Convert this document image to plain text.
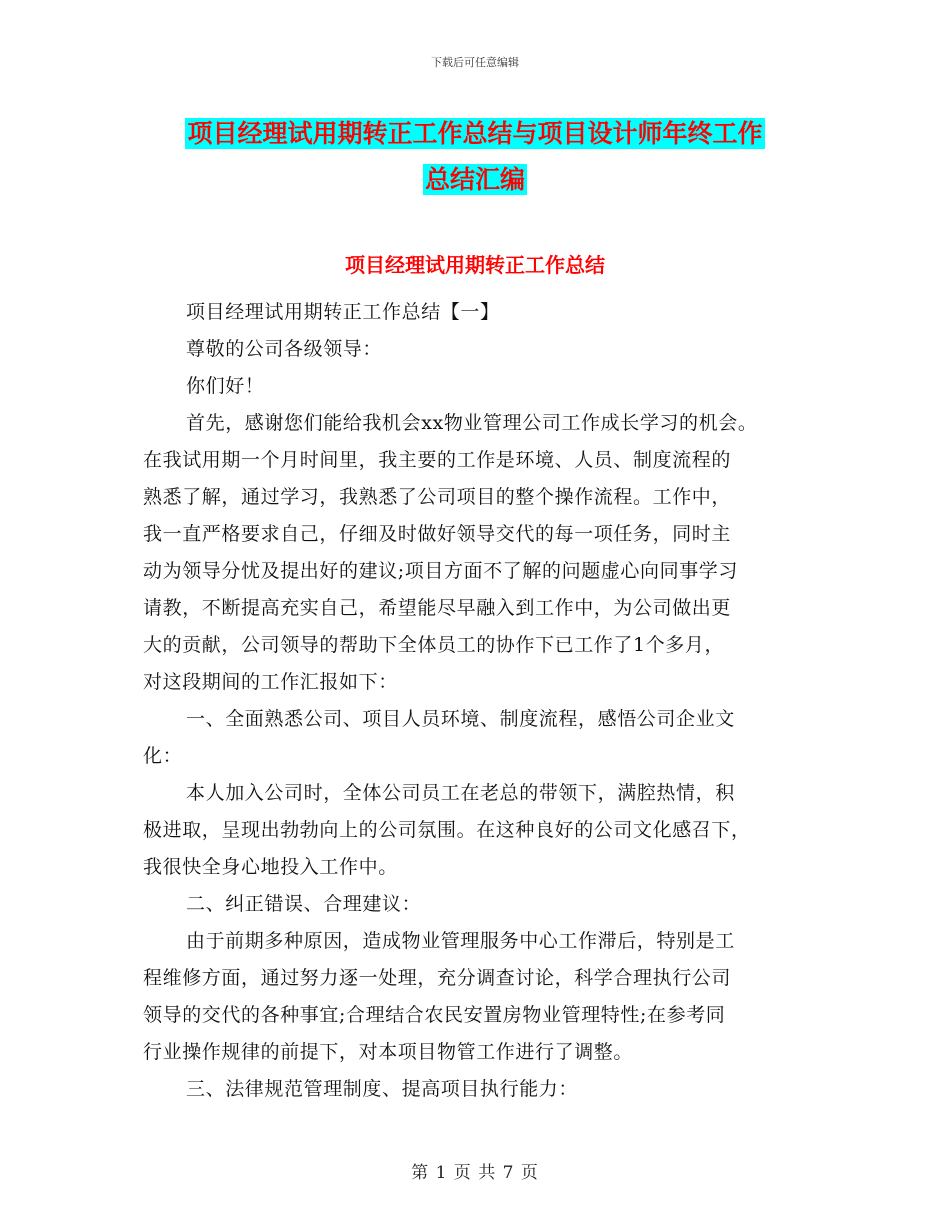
下载后可任意编辑
项目经理试用期转正工作总结与项目设计师年终工作
总结汇编
项目经理试用期转正工作总结
项目经理试用期转正工作总结【一】
尊敬的公司各级领导：
你们好！
首先，感谢您们能给我机会xx物业管理公司工作成长学习的机会。
在我试用期一个月时间里，我主要的工作是环境、人员、制度流程的
熟悉了解，通过学习，我熟悉了公司项目的整个操作流程。工作中，
我一直严格要求自己，仔细及时做好领导交代的每一项任务，同时主
动为领导分忧及提出好的建议;项目方面不了解的问题虚心向同事学习
请教，不断提高充实自己，希望能尽早融入到工作中，为公司做出更
大的贡献，公司领导的帮助下全体员工的协作下已工作了1个多月，
对这段期间的工作汇报如下：
一、全面熟悉公司、项目人员环境、制度流程，感悟公司企业文
化：
本人加入公司时，全体公司员工在老总的带领下，满腔热情，积
极进取，呈现出勃勃向上的公司氛围。在这种良好的公司文化感召下，
我很快全身心地投入工作中。
二、纠正错误、合理建议：
由于前期多种原因，造成物业管理服务中心工作滞后，特别是工
程维修方面，通过努力逐一处理，充分调查讨论，科学合理执行公司
领导的交代的各种事宜;合理结合农民安置房物业管理特性;在参考同
行业操作规律的前提下，对本项目物管工作进行了调整。
三、法律规范管理制度、提高项目执行能力：
第 1 页 共 7 页
